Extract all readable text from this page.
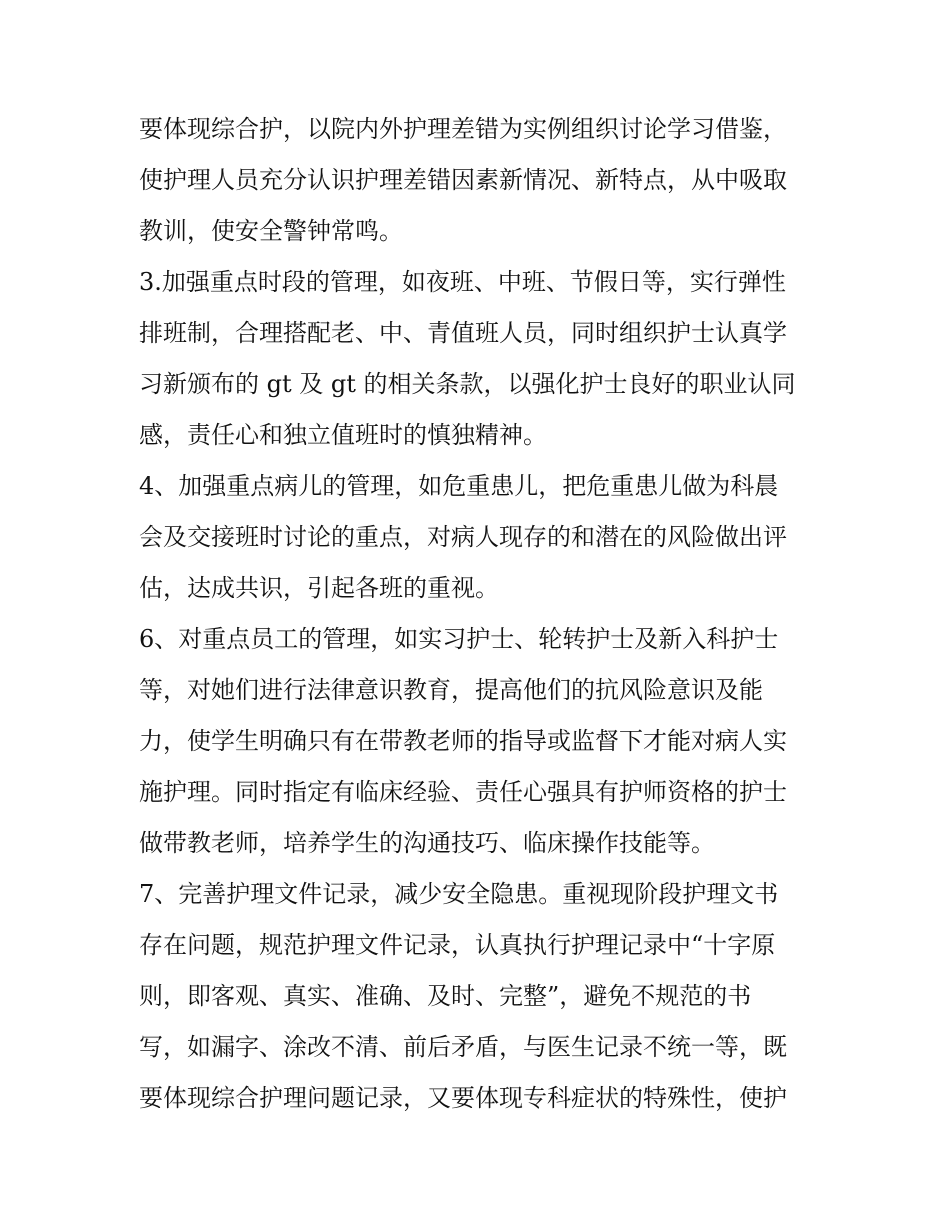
要体现综合护，以院内外护理差错为实例组织讨论学习借鉴，
使护理人员充分认识护理差错因素新情况、新特点，从中吸取
教训，使安全警钟常鸣。
3.加强重点时段的管理，如夜班、中班、节假日等，实行弹性
排班制，合理搭配老、中、青值班人员，同时组织护士认真学
习新颁布的 gt 及 gt 的相关条款，以强化护士良好的职业认同
感，责任心和独立值班时的慎独精神。
4、加强重点病儿的管理，如危重患儿，把危重患儿做为科晨
会及交接班时讨论的重点，对病人现存的和潜在的风险做出评
估，达成共识，引起各班的重视。
6、对重点员工的管理，如实习护士、轮转护士及新入科护士
等，对她们进行法律意识教育，提高他们的抗风险意识及能
力，使学生明确只有在带教老师的指导或监督下才能对病人实
施护理。同时指定有临床经验、责任心强具有护师资格的护士
做带教老师，培养学生的沟通技巧、临床操作技能等。
7、完善护理文件记录，减少安全隐患。重视现阶段护理文书
存在问题，规范护理文件记录，认真执行护理记录中“十字原
则，即客观、真实、准确、及时、完整”，避免不规范的书
写，如漏字、涂改不清、前后矛盾，与医生记录不统一等，既
要体现综合护理问题记录，又要体现专科症状的特殊性，使护
